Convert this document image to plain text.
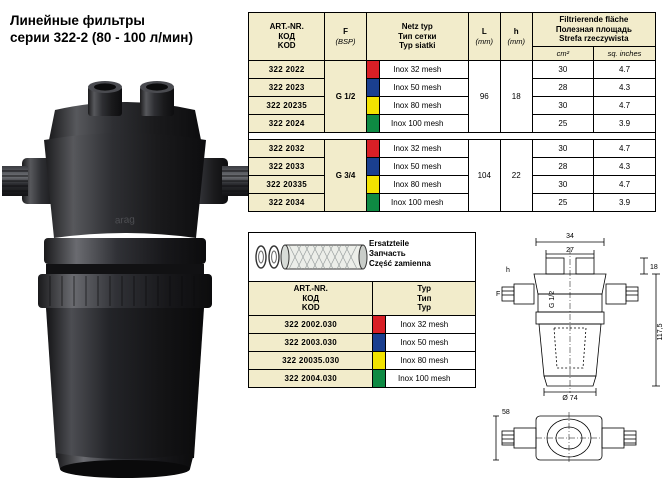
Линейные фильтры
серии 322-2 (80 - 100 л/мин)
arag
ART.-NR.
КОД
KOD

F
(BSP)

Netz typ
Тип сетки
Typ siatki

L
(mm)

h
(mm)

Filtrierende fläche
Полезная площадь
Strefa rzeczywista

					cm²	sq. inches
322 2022	G 1/2	Inox 32 mesh	96	18	30	4.7
322 2023		Inox 50 mesh			28	4.3
322 20235		Inox 80 mesh			30	4.7
322 2024		Inox 100 mesh			25	3.9

322 2032	G 3/4	Inox 32 mesh	104	22	30	4.7
322 2033		Inox 50 mesh			28	4.3
322 20335		Inox 80 mesh			30	4.7
322 2034		Inox 100 mesh			25	3.9
Ersatzteile
Запчасть
Część zamienna
ART.-NR.
КОД
KOD

Typ
Тип
Typ

322 2002.030	Inox 32 mesh
322 2003.030	Inox 50 mesh
322 20035.030	Inox 80 mesh
322 2004.030	Inox 100 mesh
34
27
18
h
F	G 1/2
117,5
Ø 74
58
